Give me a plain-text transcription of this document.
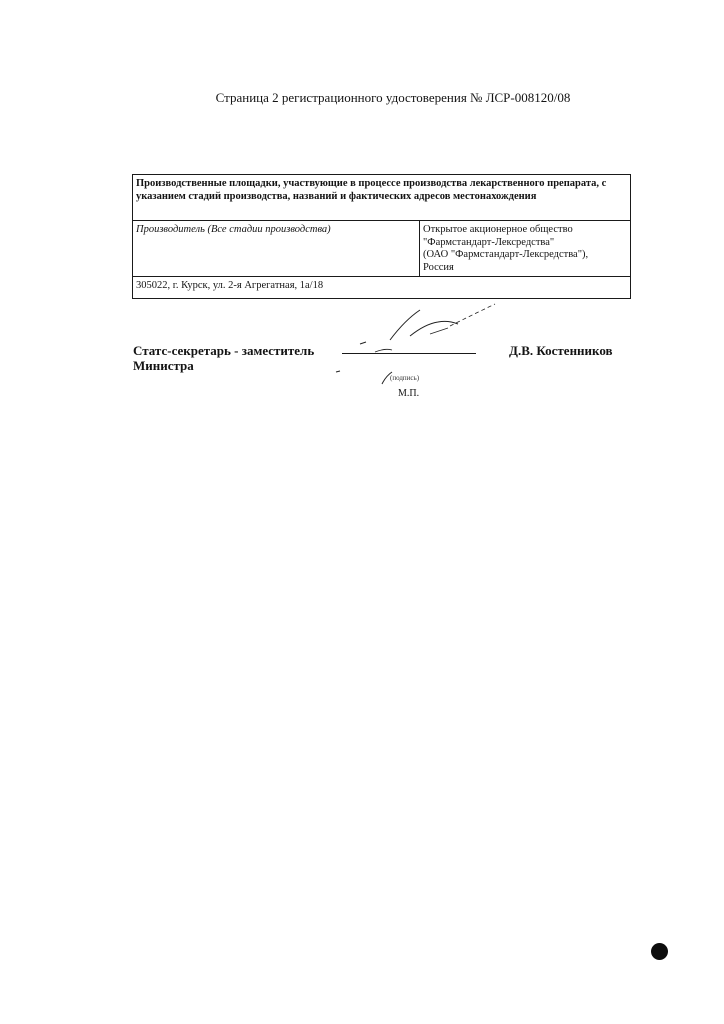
Страница 2 регистрационного удостоверения № ЛСР-008120/08
Производственные площадки, участвующие в процессе производства лекарственного препарата, с указанием стадий производства, названий и фактических адресов местонахождения
Производитель (Все стадии производства)	Открытое акционерное общество
"Фармстандарт-Лексредства"
(ОАО "Фармстандарт-Лексредства"),
Россия

305022, г. Курск, ул. 2-я Агрегатная, 1а/18
Статс-секретарь - заместитель
Министра
Д.В. Костенников
(подпись)
М.П.
